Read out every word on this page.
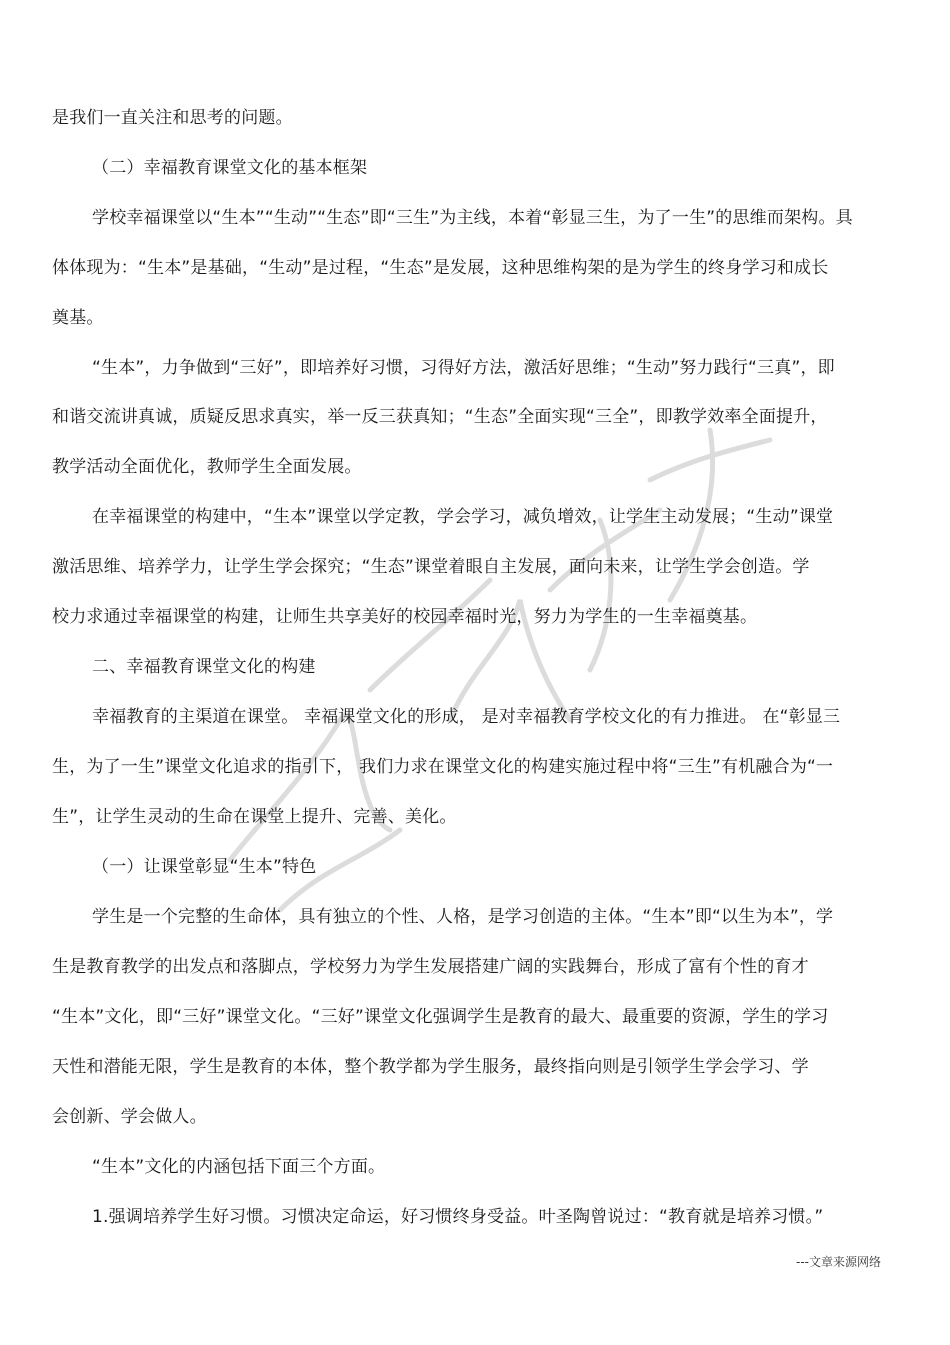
是我们一直关注和思考的问题。
（二）幸福教育课堂文化的基本框架
学校幸福课堂以“生本”“生动”“生态”即“三生”为主线，本着“彰显三生，为了一生”的思维而架构。具
体体现为：“生本”是基础，“生动”是过程，“生态”是发展，这种思维构架的是为学生的终身学习和成长
奠基。
“生本”，力争做到“三好”，即培养好习惯，习得好方法，激活好思维；“生动”努力践行“三真”，即
和谐交流讲真诚，质疑反思求真实，举一反三获真知；“生态”全面实现“三全”，即教学效率全面提升，
教学活动全面优化，教师学生全面发展。
在幸福课堂的构建中，“生本”课堂以学定教，学会学习，减负增效，让学生主动发展；“生动”课堂
激活思维、培养学力，让学生学会探究；“生态”课堂着眼自主发展，面向未来，让学生学会创造。学
校力求通过幸福课堂的构建，让师生共享美好的校园幸福时光，努力为学生的一生幸福奠基。
二、幸福教育课堂文化的构建
幸福教育的主渠道在课堂。 幸福课堂文化的形成， 是对幸福教育学校文化的有力推进。 在“彰显三
生，为了一生”课堂文化追求的指引下， 我们力求在课堂文化的构建实施过程中将“三生”有机融合为“一
生”，让学生灵动的生命在课堂上提升、完善、美化。
（一）让课堂彰显“生本”特色
学生是一个完整的生命体，具有独立的个性、人格，是学习创造的主体。“生本”即“以生为本”，学
生是教育教学的出发点和落脚点，学校努力为学生发展搭建广阔的实践舞台，形成了富有个性的育才
“生本”文化，即“三好”课堂文化。“三好”课堂文化强调学生是教育的最大、最重要的资源，学生的学习
天性和潜能无限，学生是教育的本体，整个教学都为学生服务，最终指向则是引领学生学会学习、学
会创新、学会做人。
“生本”文化的内涵包括下面三个方面。
1.强调培养学生好习惯。习惯决定命运，好习惯终身受益。叶圣陶曾说过：“教育就是培养习惯。”
---文章来源网络
